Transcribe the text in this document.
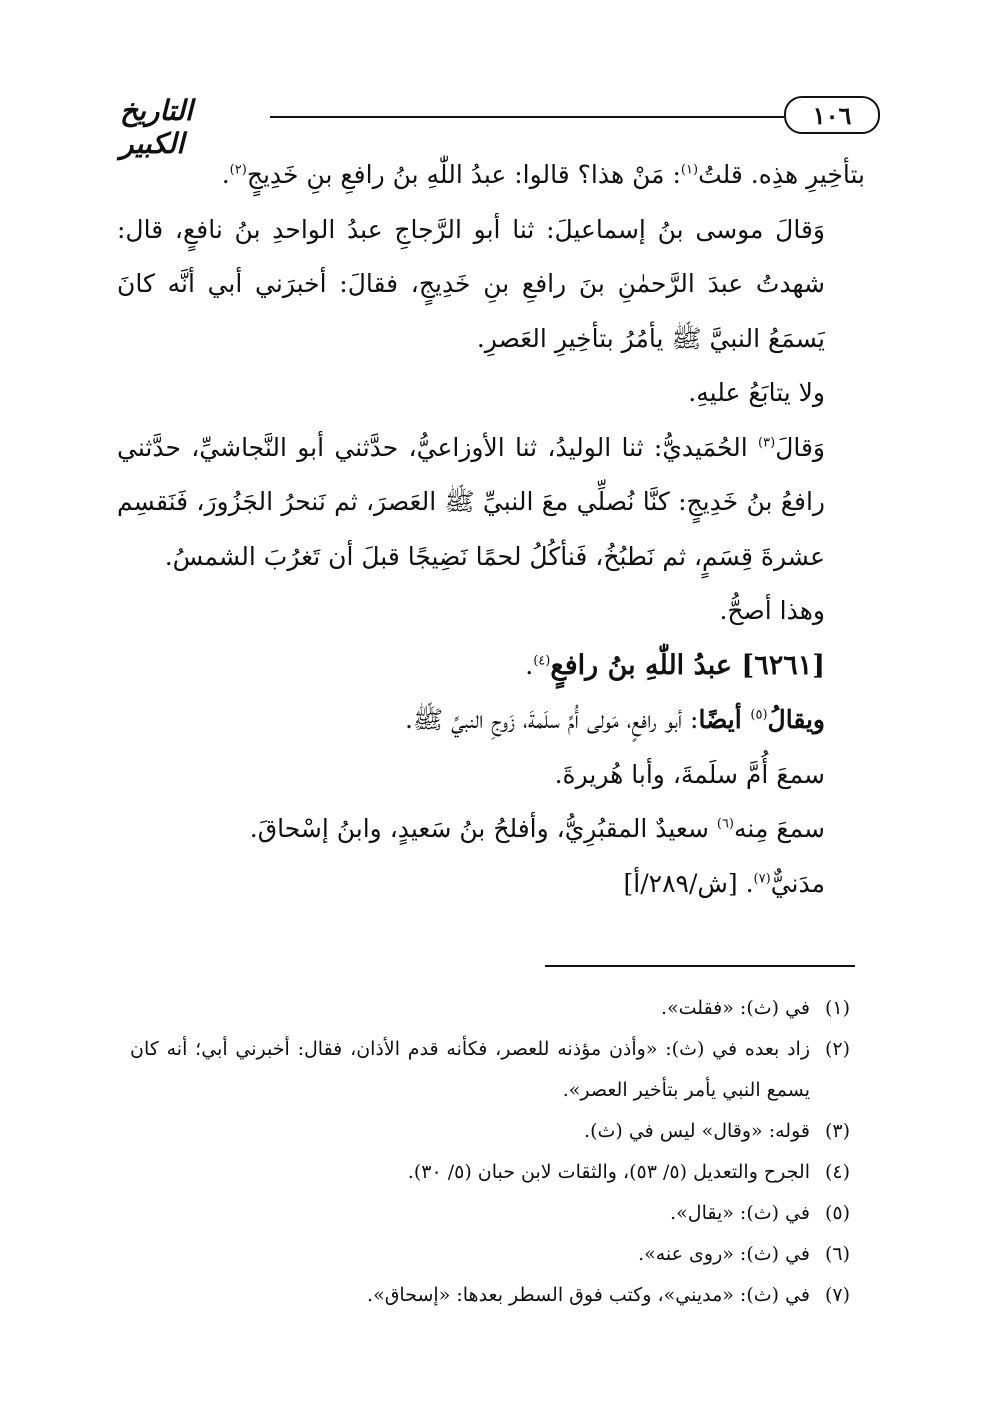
١٠٦
التاريخ الكبير

بتأخِيرِ هذِه. قلتُ$^{(١)}$: مَنْ هذا؟ قالوا: عبدُ اللّٰهِ بنُ رافعِ بنِ خَدِيجٍ$^{(٢)}$.

وَقالَ موسى بنُ إسماعيلَ: ثنا أبو الرَّجاجِ عبدُ الواحدِ بنُ نافعٍ، قال: شهدتُ عبدَ الرَّحمٰنِ بنَ رافعِ بنِ خَدِيجٍ، فقالَ: أخبرَني أبي أنَّه كانَ يَسمَعُ النبيَّ ﷺ يأمُرُ بتأخِيرِ العَصرِ.

ولا يتابَعُ عليهِ.

وَقالَ$^{(٣)}$ الحُمَيديُّ: ثنا الوليدُ، ثنا الأوزاعيُّ، حدَّثني أبو النَّجاشيِّ، حدَّثني رافعُ بنُ خَدِيجٍ: كنَّا نُصلِّي معَ النبيِّ ﷺ العَصرَ، ثم نَنحرُ الجَزُورَ، فَنَقسِم عشرةَ قِسَمٍ، ثم نَطبُخُ، فَنأكُلُ لحمًا نَضِيجًا قبلَ أن تَغرُبَ الشمسُ.

وهذا أصحُّ.

[٦٢٦١] عبدُ اللّٰهِ بنُ رافعٍ$^{(٤)}$.

ويقالُ$^{(٥)}$ أيضًا: أبو رافعٍ، مَولى أُمِّ سلَمةَ، زَوجِ النبيِّ ﷺ.

سمعَ أُمَّ سلَمةَ، وأبا هُريرةَ.

سمعَ مِنه$^{(٦)}$ سعيدٌ المقبُرِيُّ، وأفلحُ بنُ سَعيدٍ، وابنُ إسْحاقَ.

مدَنيٌّ$^{(٧)}$. [ش/٢٨٩/أ]

(١)
في (ث): «فقلت».
(٢)
زاد بعده في (ث): «وأذن مؤذنه للعصر، فكأنه قدم الأذان، فقال: أخبرني أبي؛ أنه كان يسمع النبي يأمر بتأخير العصر».
(٣)
قوله: «وقال» ليس في (ث).
(٤)
الجرح والتعديل (٥/ ٥٣)، والثقات لابن حبان (٥/ ٣٠).
(٥)
في (ث): «يقال».
(٦)
في (ث): «روى عنه».
(٧)
في (ث): «مديني»، وكتب فوق السطر بعدها: «إسحاق».
